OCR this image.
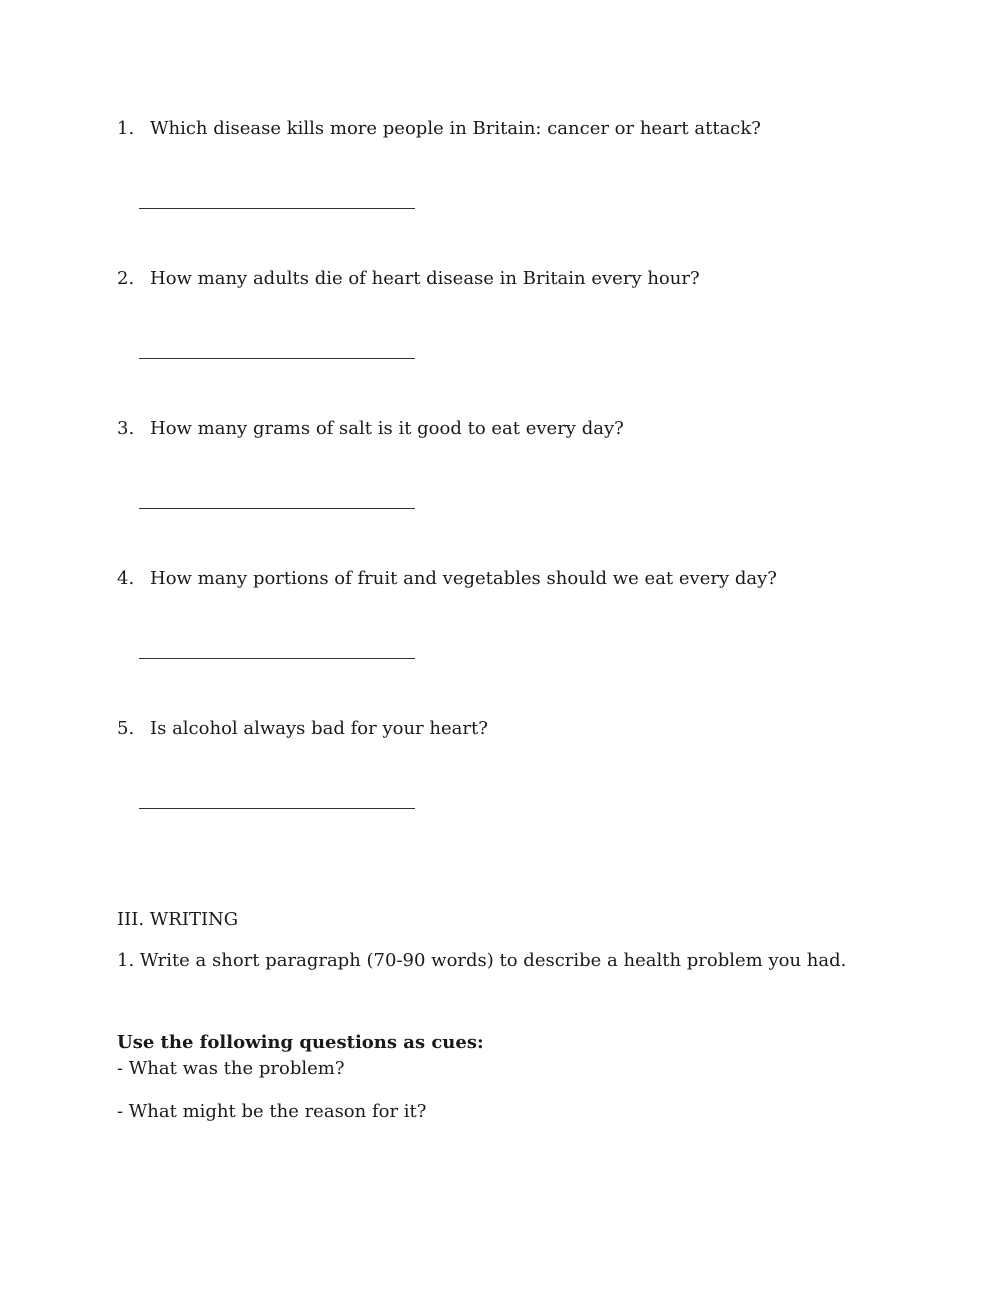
1. Which disease kills more people in Britain: cancer or heart attack?
2. How many adults die of heart disease in Britain every hour?
3. How many grams of salt is it good to eat every day?
4. How many portions of fruit and vegetables should we eat every day?
5. Is alcohol always bad for your heart?
III. WRITING
1. Write a short paragraph (70-90 words) to describe a health problem you had.
Use the following questions as cues:
- What was the problem?
- What might be the reason for it?
